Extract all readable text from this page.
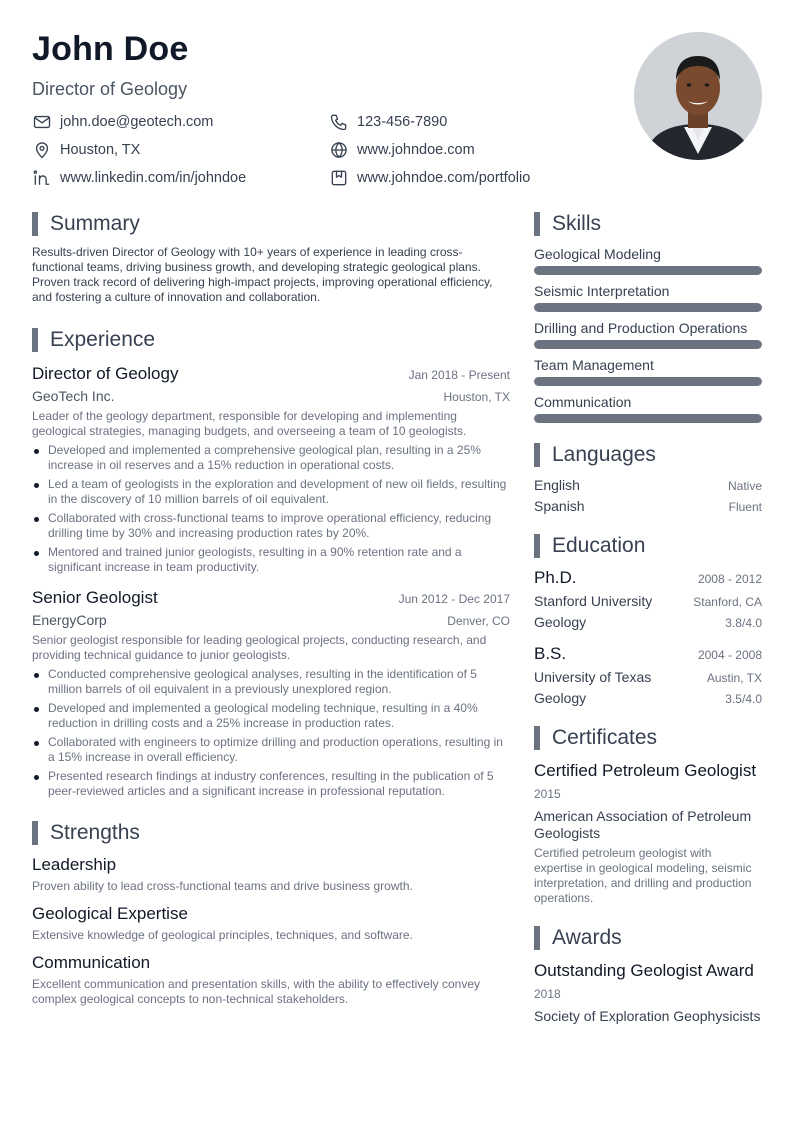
John Doe
Director of Geology
john.doe@geotech.com	123-456-7890
Houston, TX	www.johndoe.com
www.linkedin.com/in/johndoe	www.johndoe.com/portfolio
Summary

Results-driven Director of Geology with 10+ years of experience in leading cross-functional teams, driving business growth, and developing strategic geological plans. Proven track record of delivering high-impact projects, improving operational efficiency, and fostering a culture of innovation and collaboration.

Experience
Director of Geology	Jan 2018 - Present
GeoTech Inc.	Houston, TX

Leader of the geology department, responsible for developing and implementing geological strategies, managing budgets, and overseeing a team of 10 geologists.

Developed and implemented a comprehensive geological plan, resulting in a 25% increase in oil reserves and a 15% reduction in operational costs.
Led a team of geologists in the exploration and development of new oil fields, resulting in the discovery of 10 million barrels of oil equivalent.
Collaborated with cross-functional teams to improve operational efficiency, reducing drilling time by 30% and increasing production rates by 20%.
Mentored and trained junior geologists, resulting in a 90% retention rate and a significant increase in team productivity.
Senior Geologist	Jun 2012 - Dec 2017
EnergyCorp	Denver, CO

Senior geologist responsible for leading geological projects, conducting research, and providing technical guidance to junior geologists.

Conducted comprehensive geological analyses, resulting in the identification of 5 million barrels of oil equivalent in a previously unexplored region.
Developed and implemented a geological modeling technique, resulting in a 40% reduction in drilling costs and a 25% increase in production rates.
Collaborated with engineers to optimize drilling and production operations, resulting in a 15% increase in overall efficiency.
Presented research findings at industry conferences, resulting in the publication of 5 peer-reviewed articles and a significant increase in professional reputation.
Strengths
Leadership

Proven ability to lead cross-functional teams and drive business growth.

Geological Expertise

Extensive knowledge of geological principles, techniques, and software.

Communication

Excellent communication and presentation skills, with the ability to effectively convey complex geological concepts to non-technical stakeholders.

Skills
Geological Modeling
Seismic Interpretation
Drilling and Production Operations
Team Management
Communication
Languages
English	Native
Spanish	Fluent
Education
Ph.D.	2008 - 2012
Stanford University	Stanford, CA
Geology	3.8/4.0
B.S.	2004 - 2008
University of Texas	Austin, TX
Geology	3.5/4.0
Certificates
Certified Petroleum Geologist
2015
American Association of Petroleum Geologists

Certified petroleum geologist with expertise in geological modeling, seismic interpretation, and drilling and production operations.

Awards
Outstanding Geologist Award
2018
Society of Exploration Geophysicists
